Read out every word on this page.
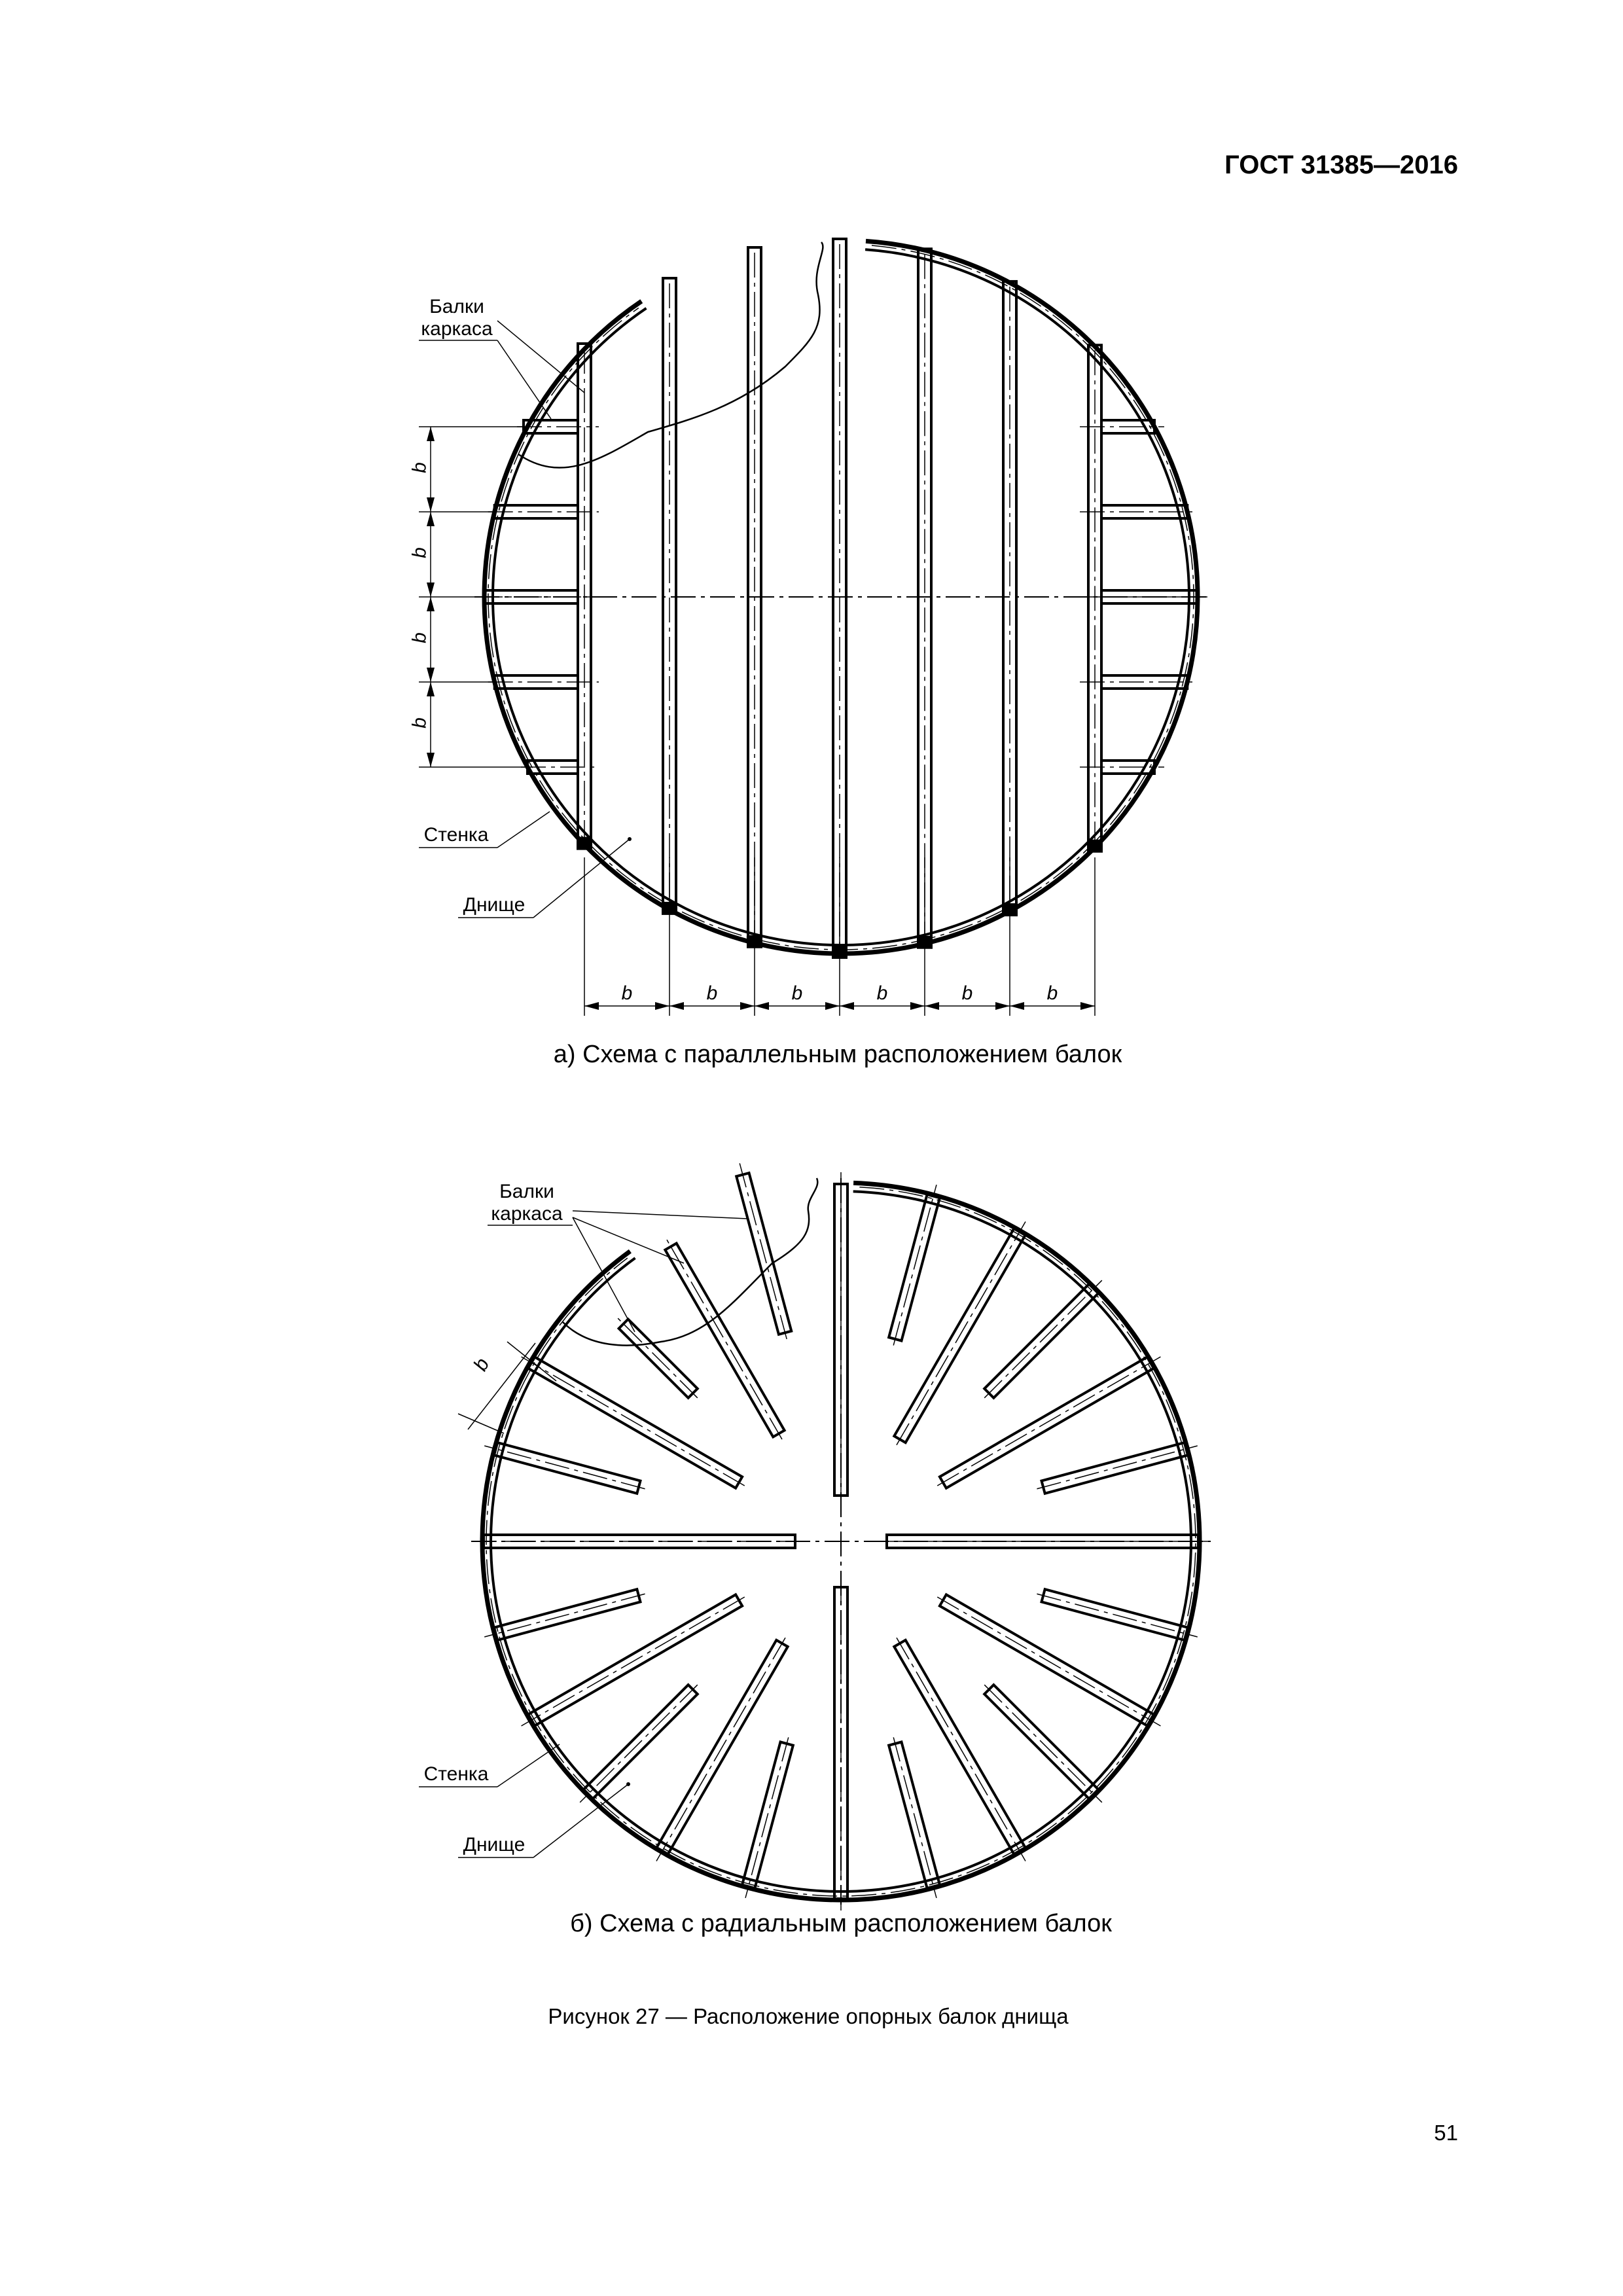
ГОСТ 31385—2016
b
b
b
b
b	b	b	b	b	b
Балки
каркаса
Стенка
Днище
а) Схема с параллельным расположением балок
b
Балки
каркаса
Стенка
Днище
б) Схема с радиальным расположением балок
Рисунок 27 — Расположение опорных балок днища
51
